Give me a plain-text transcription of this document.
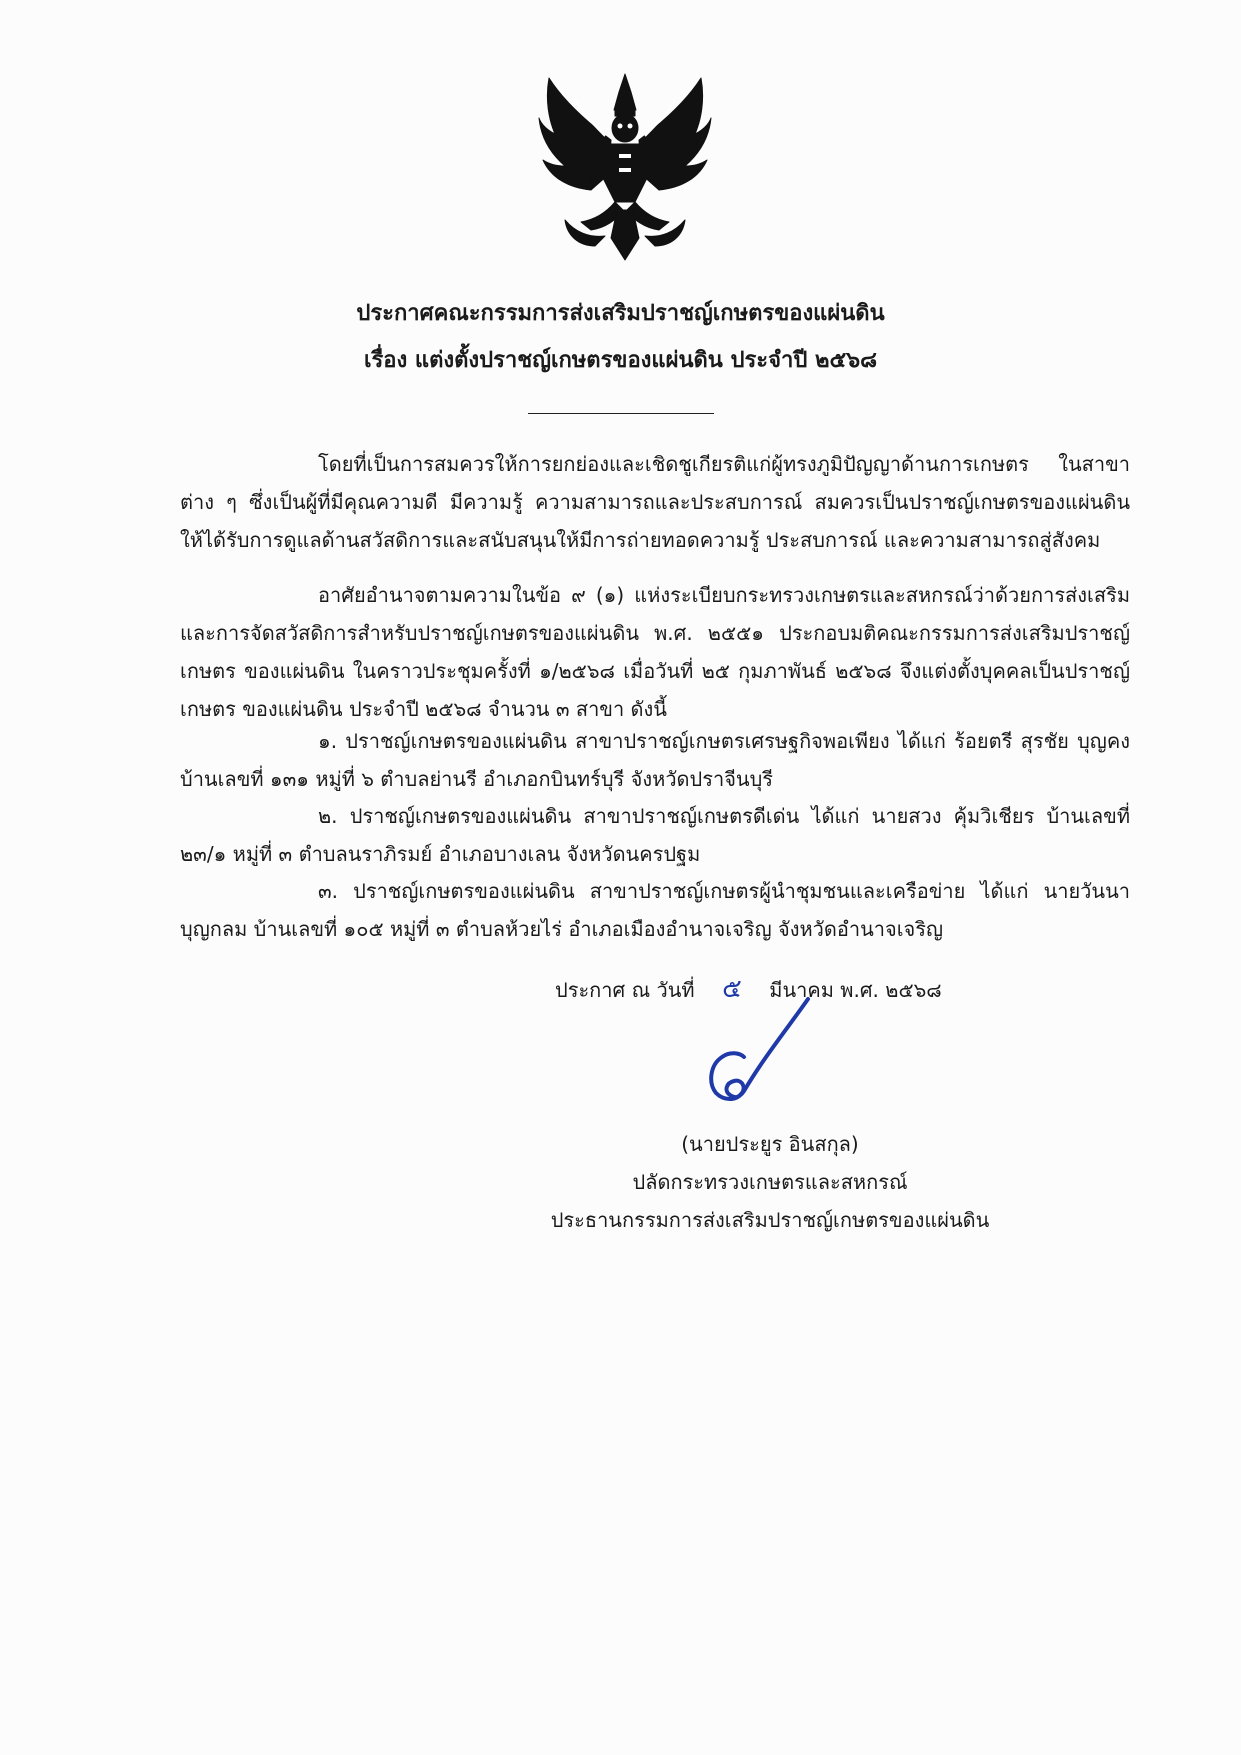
ประกาศคณะกรรมการส่งเสริมปราชญ์เกษตรของแผ่นดิน
เรื่อง แต่งตั้งปราชญ์เกษตรของแผ่นดิน ประจำปี ๒๕๖๘

โดยที่เป็นการสมควรให้การยกย่องและเชิดชูเกียรติแก่ผู้ทรงภูมิปัญญาด้านการเกษตร ในสาขาต่าง ๆ ซึ่งเป็นผู้ที่มีคุณความดี มีความรู้ ความสามารถและประสบการณ์ สมควรเป็นปราชญ์เกษตรของแผ่นดิน ให้ได้รับการดูแลด้านสวัสดิการและสนับสนุนให้มีการถ่ายทอดความรู้ ประสบการณ์ และความสามารถสู่สังคม

อาศัยอำนาจตามความในข้อ ๙ (๑) แห่งระเบียบกระทรวงเกษตรและสหกรณ์ว่าด้วยการส่งเสริม และการจัดสวัสดิการสำหรับปราชญ์เกษตรของแผ่นดิน พ.ศ. ๒๕๕๑ ประกอบมติคณะกรรมการส่งเสริมปราชญ์เกษตร ของแผ่นดิน ในคราวประชุมครั้งที่ ๑/๒๕๖๘ เมื่อวันที่ ๒๕ กุมภาพันธ์ ๒๕๖๘ จึงแต่งตั้งบุคคลเป็นปราชญ์เกษตร ของแผ่นดิน ประจำปี ๒๕๖๘ จำนวน ๓ สาขา ดังนี้

๑. ปราชญ์เกษตรของแผ่นดิน สาขาปราชญ์เกษตรเศรษฐกิจพอเพียง ได้แก่ ร้อยตรี สุรชัย บุญคง บ้านเลขที่ ๑๓๑ หมู่ที่ ๖ ตำบลย่านรี อำเภอกบินทร์บุรี จังหวัดปราจีนบุรี

๒. ปราชญ์เกษตรของแผ่นดิน สาขาปราชญ์เกษตรดีเด่น ได้แก่ นายสวง คุ้มวิเชียร บ้านเลขที่ ๒๓/๑ หมู่ที่ ๓ ตำบลนราภิรมย์ อำเภอบางเลน จังหวัดนครปฐม

๓. ปราชญ์เกษตรของแผ่นดิน สาขาปราชญ์เกษตรผู้นำชุมชนและเครือข่าย ได้แก่ นายวันนา บุญกลม บ้านเลขที่ ๑๐๕ หมู่ที่ ๓ ตำบลห้วยไร่ อำเภอเมืองอำนาจเจริญ จังหวัดอำนาจเจริญ

ประกาศ ณ วันที่ ๕ มีนาคม พ.ศ. ๒๕๖๘
(นายประยูร อินสกุล)
ปลัดกระทรวงเกษตรและสหกรณ์
ประธานกรรมการส่งเสริมปราชญ์เกษตรของแผ่นดิน
